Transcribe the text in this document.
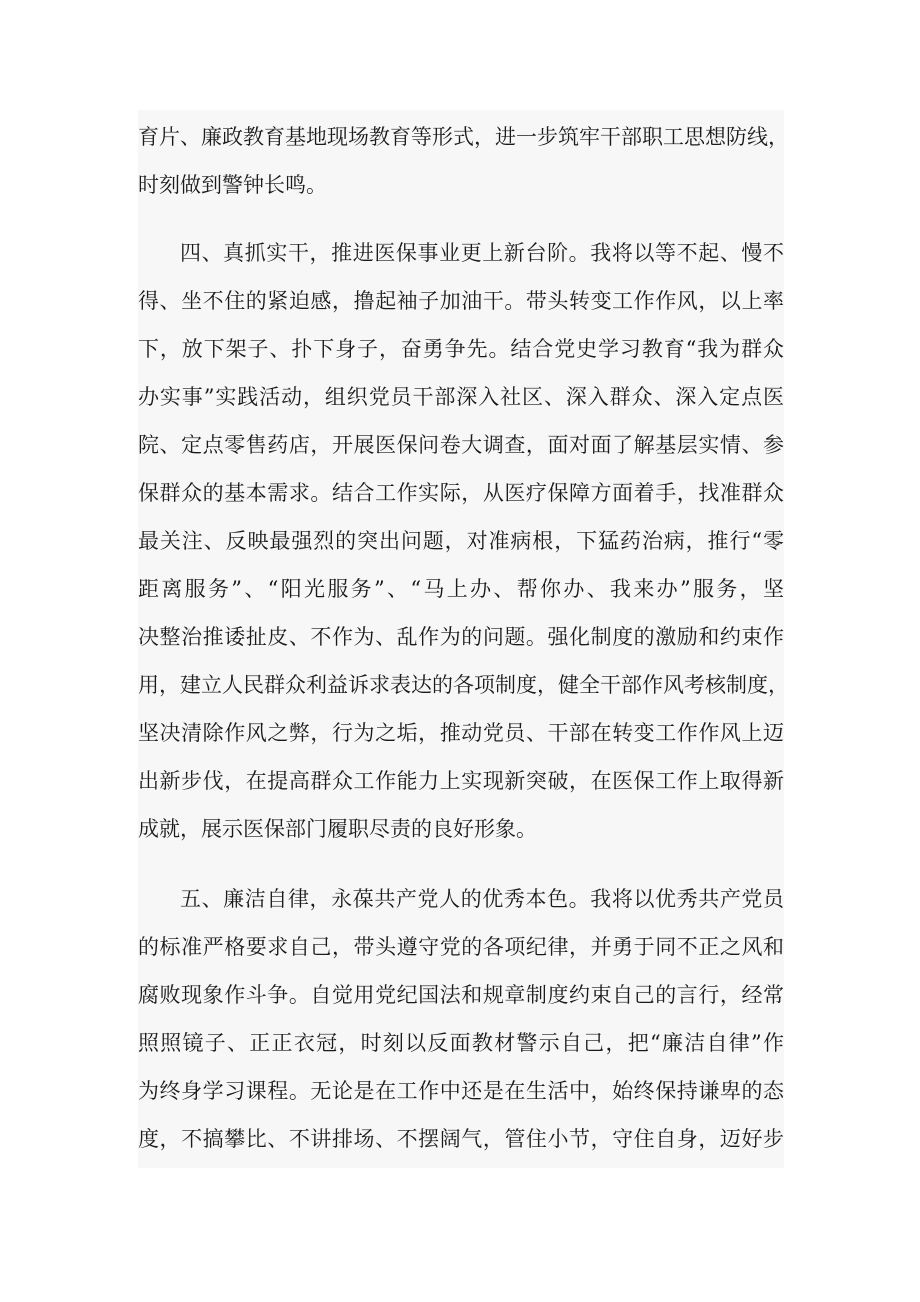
育片、廉政教育基地现场教育等形式，进一步筑牢干部职工思想防线，
时刻做到警钟长鸣。
四、真抓实干，推进医保事业更上新台阶。我将以等不起、慢不
得、坐不住的紧迫感，撸起袖子加油干。带头转变工作作风，以上率
下，放下架子、扑下身子，奋勇争先。结合党史学习教育“我为群众
办实事”实践活动，组织党员干部深入社区、深入群众、深入定点医
院、定点零售药店，开展医保问卷大调查，面对面了解基层实情、参
保群众的基本需求。结合工作实际，从医疗保障方面着手，找准群众
最关注、反映最强烈的突出问题，对准病根，下猛药治病，推行“零
距离服务”、“阳光服务”、“马上办、帮你办、我来办”服务，坚
决整治推诿扯皮、不作为、乱作为的问题。强化制度的激励和约束作
用，建立人民群众利益诉求表达的各项制度，健全干部作风考核制度，
坚决清除作风之弊，行为之垢，推动党员、干部在转变工作作风上迈
出新步伐，在提高群众工作能力上实现新突破，在医保工作上取得新
成就，展示医保部门履职尽责的良好形象。
五、廉洁自律，永葆共产党人的优秀本色。我将以优秀共产党员
的标准严格要求自己，带头遵守党的各项纪律，并勇于同不正之风和
腐败现象作斗争。自觉用党纪国法和规章制度约束自己的言行，经常
照照镜子、正正衣冠，时刻以反面教材警示自己，把“廉洁自律”作
为终身学习课程。无论是在工作中还是在生活中，始终保持谦卑的态
度，不搞攀比、不讲排场、不摆阔气，管住小节，守住自身，迈好步
